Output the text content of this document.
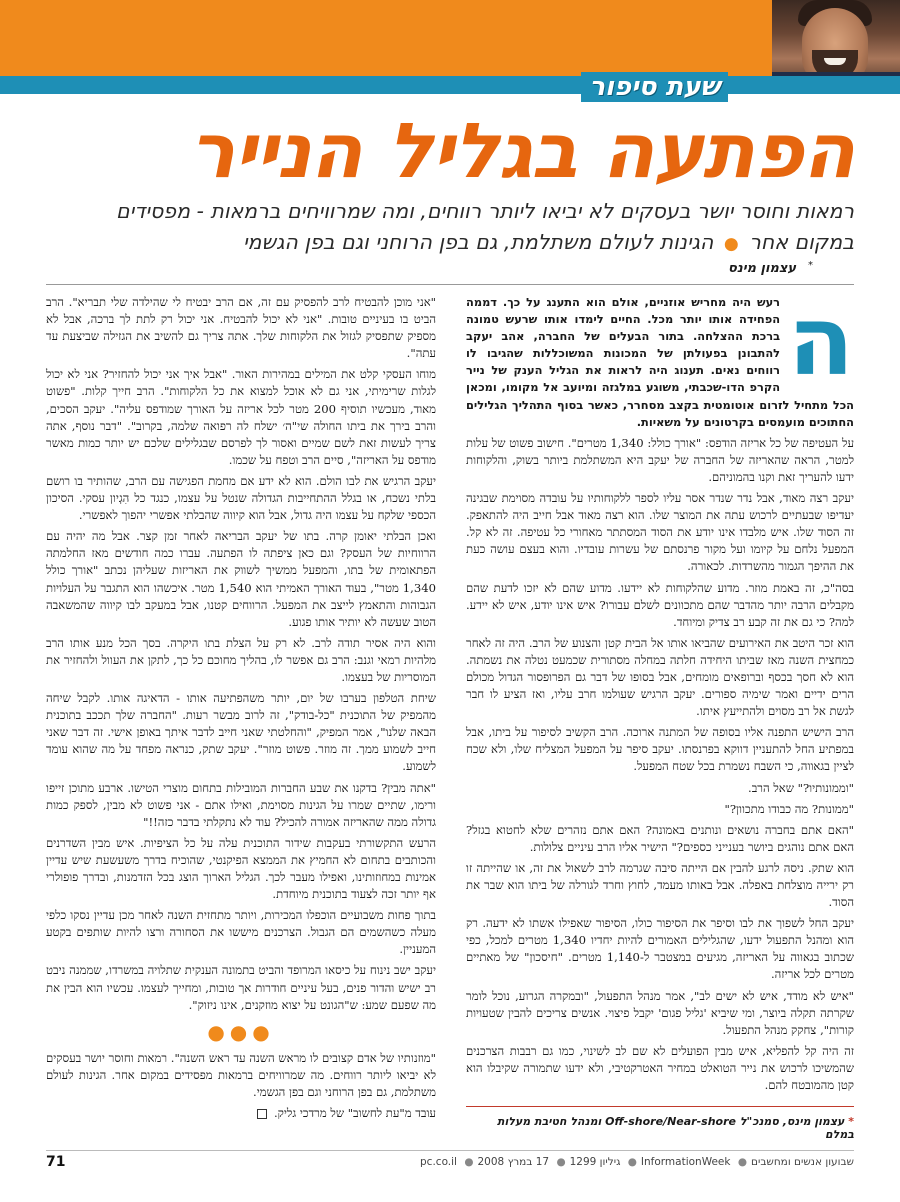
שעת סיפור
הפתעה בגליל הנייר
רמאות וחוסר יושר בעסקים לא יביאו ליותר רווחים, ומה שמרוויחים ברמאות - מפסידים
במקום אחר ● הגינות לעולם משתלמת, גם בפן הרוחני וגם בפן הגשמי
עצמון מינס *
ה

רעש היה מחריש אוזניים, אולם הוא התענג על כך. דממה הפחידה אותו יותר מכל. החיים לימדו אותו שרעש טמונה ברכת ההצלחה. בתור הבעלים של החברה, אהב יעקב להתבונן בפעולתן של המכונות המשוכללות שהגיבו לו רווחים נאים. תענוג היה לראות את הגליל הענק של נייר הקרפ הדו-שכבתי, משוגע במלגזה ומיועב אל מקומו, ומכאן הכל מתחיל לזרום אוטומטית בקצב מסחרר, כאשר בסוף התהליך הגלילים החתוכים מועמסים בקרטונים על משאיות.

על העטיפה של כל אריזה הודפס: "אורך כולל: 1,340 מטרים". חישוב פשוט של עלות למטר, הראה שהאריזה של החברה של יעקב היא המשתלמת ביותר בשוק, והלקוחות ידעו להעריך זאת וקנו בהמוניהם.

יעקב רצה מאוד, אבל נדר שנדר אסר עליו לספר ללקוחותיו על עובדה מסוימת שבגינה יעדיפו שבעתיים לרכוש עתה את המוצר שלו. הוא רצה מאוד אבל חייב היה להתאפק. זה הסוד שלו. איש מלבדו אינו יודע את הסוד המסתתר מאחורי כל עטיפה. זה לא קל. המפעל נלחם על קיומו ועל מקור פרנסתם של עשרות עובדיו. והוא בעצם עושה כעת את ההיפך הגמור מהשרדות. לכאורה.

בסה"כ, זה באמת מוזר. מדוע שהלקוחות לא יידעו. מדוע שהם לא יזכו לדעת שהם מקבלים הרבה יותר מהדבר שהם מתכוונים לשלם עבורו? איש אינו יודע, איש לא יידע. למה? כי גם את זה קבע רב צדיק ומיוחד.

הוא זכר היטב את האירועים שהביאו אותו אל הבית קטן והצנוע של הרב. היה זה לאחר כמחצית השנה מאז שביתו היחידה חלתה במחלה מסתורית שכמעט נטלה את נשמתה. הוא לא חסך בכסף וברופאים מומחים, אבל בסופו של דבר גם הפרופסור הגדול מכולם הרים ידיים ואמר שימיה ספורים. יעקב הרגיש שעולמו חרב עליו, ואז הציע לו חבר לגשת אל רב מסוים ולהתייעץ איתו.

הרב הישיש התפנה אליו בסופה של המתנה ארוכה. הרב הקשיב לסיפור על ביתו, אבל במפתיע החל להתעניין דווקא בפרנסתו. יעקב סיפר על המפעל המצליח שלו, ולא שכח לציין בגאווה, כי השבח נשמרת בכל שטח המפעל.

"וממונותיו?" שאל הרב.

"ממונות? מה כבודו מתכוון?"

"האם אתם בחברה נושאים ונותנים באמונה? האם אתם נזהרים שלא לחטוא בגזל? האם אתם נוהגים ביושר בענייני כספים?" הישיר אליו הרב עיניים צלולות.

הוא שתק. ניסה לרגע להבין אם הייתה סיבה שגרמה לרב לשאול את זה, או שהייתה זו רק ירייה מוצלחת באפלה. אבל באותו מעמד, לחוץ וחרד לגורלה של ביתו הוא שבר את הסוד.

יעקב החל לשפוך את לבו וסיפר את הסיפור כולו, הסיפור שאפילו אשתו לא ידעה. רק הוא ומהנל התפעול ידעו, שהגלילים האמורים להיות יחדיו 1,340 מטרים למכל, כפי שכתוב בגאווה על האריזה, מגיעים במצטבר ל-1,140 מטרים. "חיסכון" של מאתיים מטרים לכל אריזה.

"איש לא מודד, איש לא ישים לב", אמר מנהל התפעול, "ובמקרה הגרוע, נוכל לומר שקרתה תקלה ביוצר, ומי שיביא 'גליל פגום' יקבל פיצוי. אנשים צריכים להבין שטעויות קורות", צחקק מנהל התפעול.

זה היה קל להפליא, איש מבין הפועלים לא שם לב לשינוי, כמו גם רבבות הצרכנים שהמשיכו לרכוש את נייר הטואלט במחיר האטרקטיבי, ולא ידעו שתמורה שקיבלו הוא קטן מהמובטח להם.

"אני מוכן להבטיח לרב להפסיק עם זה, אם הרב יבטיח לי שהילדה שלי תבריא". הרב הביט בו בעיניים טובות. "אני לא יכול להבטיח. אני יכול רק לתת לך ברכה, אבל לא מספיק שתפסיק לגזול את הלקוחות שלך. אתה צריך גם להשיב את הגזילה שביצעת עד עתה".

מוחו העסקי קלט את המילים במהירות האור. "אבל איך אני יכול להחזיר? אני לא יכול לגלות שרימיתי, אני גם לא אוכל למצוא את כל הלקוחות". הרב חייך קלות. "פשוט מאוד, מעכשיו תוסיף 200 מטר לכל אריזה על האורך שמודפס עליה". יעקב הסכים, והרב בירך את ביתו החולה שי"ה׳ ישלח לה רפואה שלמה, בקרוב". "דבר נוסף, אתה צריך לעשות זאת לשם שמיים ואסור לך לפרסם שבגלילים שלכם יש יותר כמות מאשר מודפס על האריזה", סיים הרב וטפח על שכמו.

יעקב הרגיש את לבו הולם. הוא לא ידע אם מחמת הפגישה עם הרב, שהותיר בו רושם בלתי נשכח, או בגלל ההתחייבות הגדולה שנטל על עצמו, כנגד כל הִגְיון עסקי. הסיכון הכספי שלקח על עצמו היה גדול, אבל הוא קיווה שהבלתי אפשרי יהפוך לאפשרי.

ואכן הבלתי יאומן קרה. בתו של יעקב הבריאה לאחר זמן קצר. אבל מה יהיה עם הרווחיות של העסק? וגם כאן ציפתה לו הפתעה. עברו כמה חודשים מאז החלמתה הפתאומית של בתו, והמפעל ממשיך לשווק את האריזות שעליהן נכתב "אורך כולל 1,340 מטר", בעוד האורך האמיתי הוא 1,540 מטר. איכשהו הוא התגבר על העלויות הגבוהות והתאמץ לייצב את המפעל. הרווחים קטנו, אבל במעקב לבו קיווה שהמשאבה הטוב שעשה לא יותיר אותו פגוע.

והוא היה אסיר תודה לרב. לא רק על הצלת בתו היקרה. בסך הכל מנע אותו הרב מלהיות רמאי וגנב: הרב גם אפשר לו, בהליך מחוכם כל כך, לתקן את העוול ולהחזיר את המוסריות של בעצמו.

שיחת הטלפון בערבו של יום, יותר משהפתיעה אותו - הדאיגה אותו. לקבל שיחה מהמפיק של התוכנית "כל-בודק", זה לרוב מבשר רעות. "החברה שלך תככב בתוכנית הבאה שלנו", אמר המפיק, "והחלטתי שאני חייב לדבר איתך באופן אישי. זה דבר שאני חייב לשמוע ממך. זה מוזר. פשוט מוזר". יעקב שתק, כנראה מפחד על מה שהוא עומד לשמוע.

"אתה מבין? בדקנו את שבע החברות המובילות בתחום מוצרי הטישו. ארבע מתוכן זייפו ורימו, שתיים שמרו על הגינות מסוימת, ואילו אתם - אני פשוט לא מבין, לספק כמות גדולה ממה שהאריזה אמורה להכיל? עוד לא נתקלתי בדבר כזה!!"

הרעש התקשורתי בעקבות שידור התוכנית עלה על כל הציפיות. איש מבין השדרנים והכותבים בתחום לא החמיץ את הממצא הפיקנטי, שהוכיח בדרך משעשעת שיש עדיין אמינות במחוזותינו, ואפילו מעבר לכך. הגליל הארוך הוצג בכל הזדמנות, ובדרך פופולרי אף יותר זכה לצעוד בתוכנית מיוחדת.

בתוך פחות משבועיים הוכפלו המכירות, ויותר מתחזית השנה לאחר מכן עדיין נסקו כלפי מעלה כשהשמים הם הגבול. הצרכנים מיששו את הסחורה ורצו להיות שותפים בקטע המעניין.

יעקב ישב נינוח על כיסאו המרופד והביט בתמונה הענקית שתלויה במשרדו, שממנה ניבט רב ישיש והדור פנים, בעל עיניים חודרות אך טובות, ומחייך לעצמו. עכשיו הוא הבין את מה שפעם שמע: ש"הגונט על יצוא מוזקנים, אינו ניזוק".

●●●

"מוזנותיו של אדם קצובים לו מראש השנה עד ראש השנה". רמאות וחוסר יושר בעסקים לא יביאו ליותר רווחים. מה שמרוויחים ברמאות מפסידים במקום אחר. הגינות לעולם משתלמת, גם בפן הרוחני וגם בפן הגשמי.

עובד מ"עת לחשוב" של מרדכי גליק.

* עצמון מינס, סמנכ"ל Off-shore/Near-shore ומנהל חטיבת מעלות במלם
שבועון אנשים ומחשבים● InformationWeek● גיליון 1299● 17 במרץ 2008● pc.co.il
71
